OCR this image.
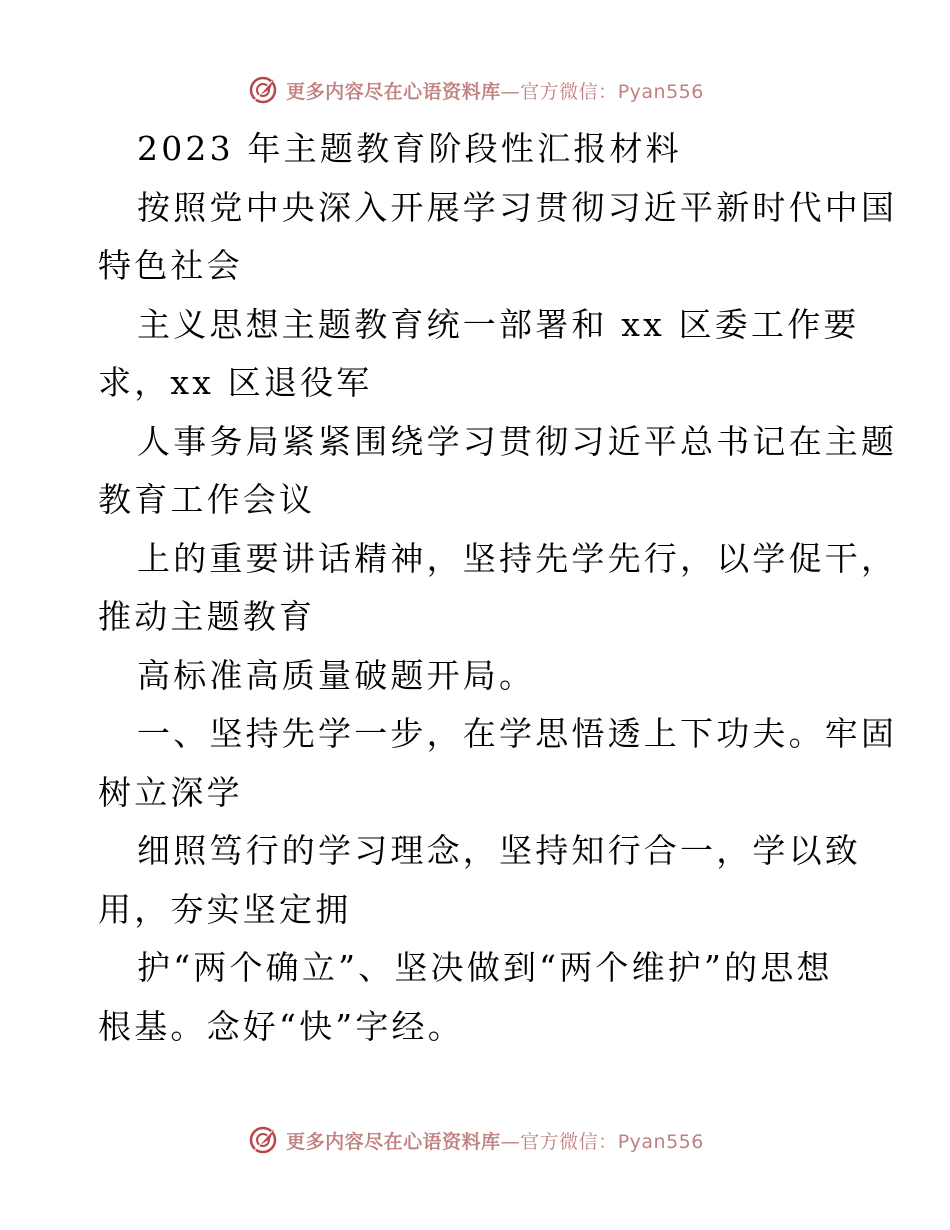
更多内容尽在心语资料库—官方微信：Pyan556
2023 年主题教育阶段性汇报材料
按照党中央深入开展学习贯彻习近平新时代中国
特色社会
主义思想主题教育统一部署和 xx 区委工作要
求，xx 区退役军
人事务局紧紧围绕学习贯彻习近平总书记在主题
教育工作会议
上的重要讲话精神，坚持先学先行，以学促干，
推动主题教育
高标准高质量破题开局。
一、坚持先学一步，在学思悟透上下功夫。牢固
树立深学
细照笃行的学习理念，坚持知行合一，学以致
用，夯实坚定拥
护“两个确立”、坚决做到“两个维护”的思想
根基。念好“快”字经。
更多内容尽在心语资料库—官方微信：Pyan556
